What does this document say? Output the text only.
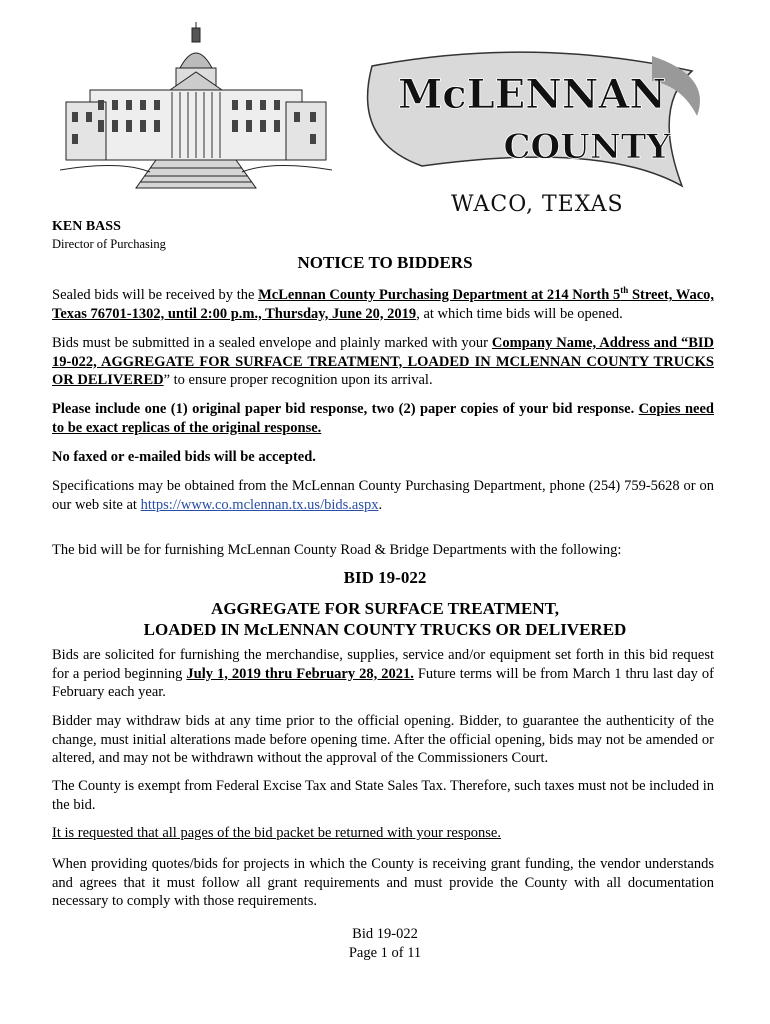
McLENNAN
COUNTY
WACO, TEXAS
KEN BASS
Director of Purchasing
NOTICE TO BIDDERS
Sealed bids will be received by the McLennan County Purchasing Department at 214 North 5th Street, Waco, Texas 76701-1302, until 2:00 p.m., Thursday, June 20, 2019, at which time bids will be opened.
Bids must be submitted in a sealed envelope and plainly marked with your Company Name, Address and “BID 19-022, AGGREGATE FOR SURFACE TREATMENT, LOADED IN MCLENNAN COUNTY TRUCKS OR DELIVERED” to ensure proper recognition upon its arrival.
Please include one (1) original paper bid response, two (2) paper copies of your bid response. Copies need to be exact replicas of the original response.
No faxed or e-mailed bids will be accepted.
Specifications may be obtained from the McLennan County Purchasing Department, phone (254) 759-5628 or on our web site at https://www.co.mclennan.tx.us/bids.aspx.
The bid will be for furnishing McLennan County Road & Bridge Departments with the following:
BID 19-022
AGGREGATE FOR SURFACE TREATMENT,
LOADED IN McLENNAN COUNTY TRUCKS OR DELIVERED
Bids are solicited for furnishing the merchandise, supplies, service and/or equipment set forth in this bid request for a period beginning July 1, 2019 thru February 28, 2021. Future terms will be from March 1 thru last day of February each year.
Bidder may withdraw bids at any time prior to the official opening. Bidder, to guarantee the authenticity of the change, must initial alterations made before opening time. After the official opening, bids may not be amended or altered, and may not be withdrawn without the approval of the Commissioners Court.
The County is exempt from Federal Excise Tax and State Sales Tax. Therefore, such taxes must not be included in the bid.
It is requested that all pages of the bid packet be returned with your response.
When providing quotes/bids for projects in which the County is receiving grant funding, the vendor understands and agrees that it must follow all grant requirements and must provide the County with all documentation necessary to comply with those requirements.
Bid 19-022
Page 1 of 11
